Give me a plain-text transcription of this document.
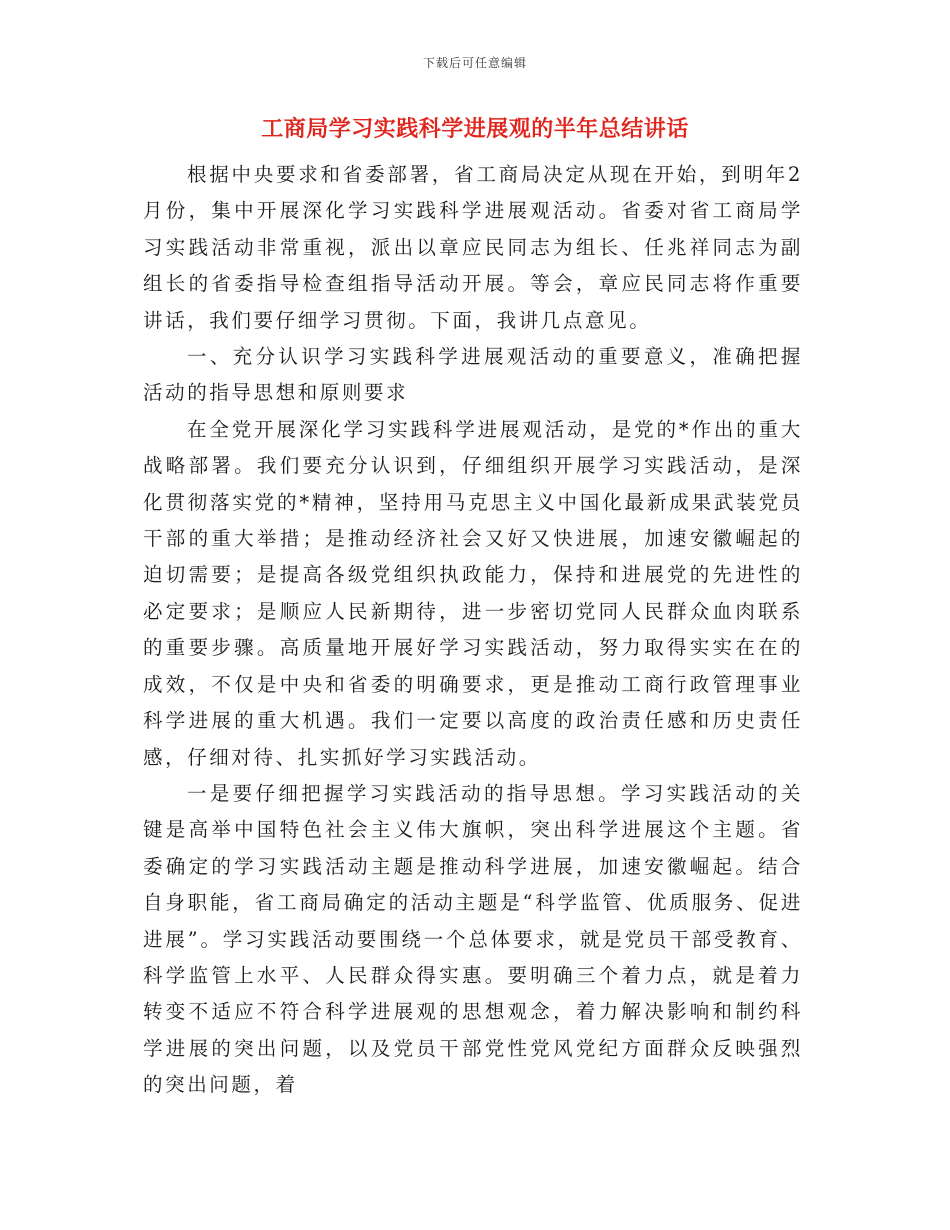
下载后可任意编辑
工商局学习实践科学进展观的半年总结讲话

根据中央要求和省委部署，省工商局决定从现在开始，到明年2月份，集中开展深化学习实践科学进展观活动。省委对省工商局学习实践活动非常重视，派出以章应民同志为组长、任兆祥同志为副组长的省委指导检查组指导活动开展。等会，章应民同志将作重要讲话，我们要仔细学习贯彻。下面，我讲几点意见。

一、充分认识学习实践科学进展观活动的重要意义，准确把握活动的指导思想和原则要求

在全党开展深化学习实践科学进展观活动，是党的*作出的重大战略部署。我们要充分认识到，仔细组织开展学习实践活动，是深化贯彻落实党的*精神，坚持用马克思主义中国化最新成果武装党员干部的重大举措；是推动经济社会又好又快进展，加速安徽崛起的迫切需要；是提高各级党组织执政能力，保持和进展党的先进性的必定要求；是顺应人民新期待，进一步密切党同人民群众血肉联系的重要步骤。高质量地开展好学习实践活动，努力取得实实在在的成效，不仅是中央和省委的明确要求，更是推动工商行政管理事业科学进展的重大机遇。我们一定要以高度的政治责任感和历史责任感，仔细对待、扎实抓好学习实践活动。

一是要仔细把握学习实践活动的指导思想。学习实践活动的关键是高举中国特色社会主义伟大旗帜，突出科学进展这个主题。省委确定的学习实践活动主题是推动科学进展，加速安徽崛起。结合自身职能，省工商局确定的活动主题是“科学监管、优质服务、促进进展”。学习实践活动要围绕一个总体要求，就是党员干部受教育、科学监管上水平、人民群众得实惠。要明确三个着力点，就是着力转变不适应不符合科学进展观的思想观念，着力解决影响和制约科学进展的突出问题，以及党员干部党性党风党纪方面群众反映强烈的突出问题，着
